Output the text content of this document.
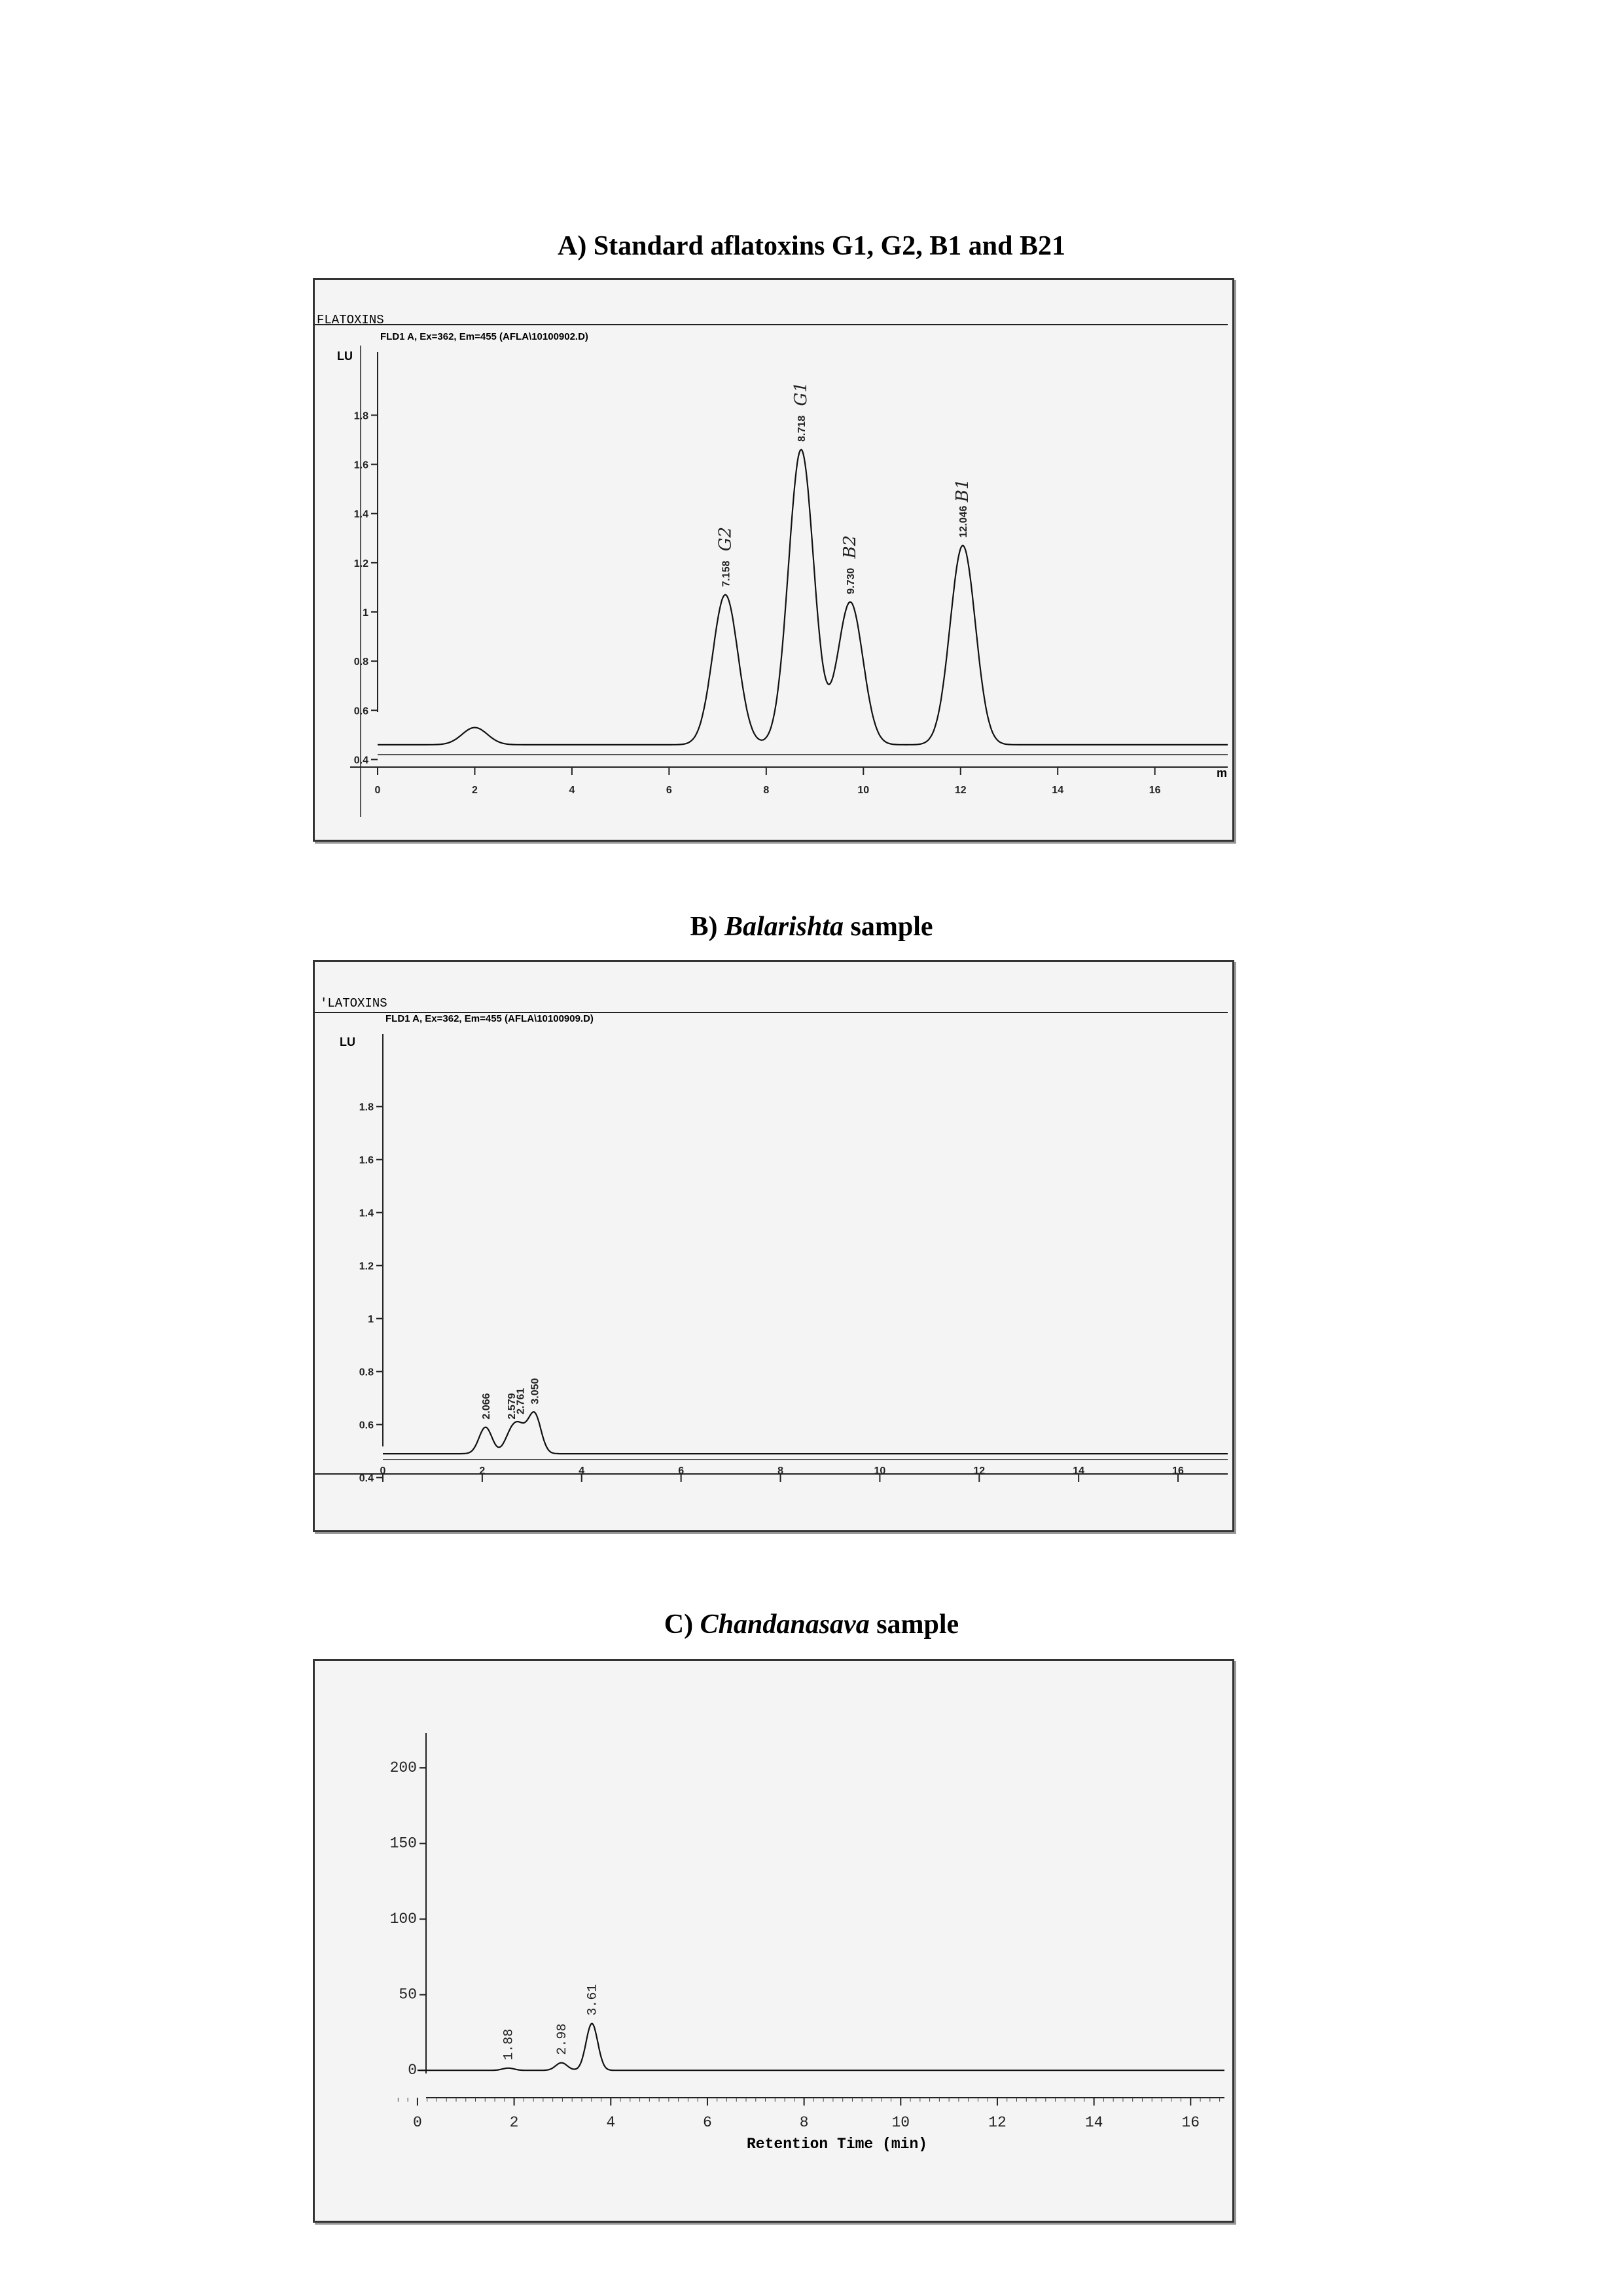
A) Standard aflatoxins G1, G2, B1 and B21
FLATOXINS
FLD1 A, Ex=362, Em=455 (AFLA\10100902.D)
LU
m
0.4
0.6
0.8
1
1.2
1.4
1.6
1.8
0	2	4	6	8	10	12	14	16
7.158
G2
8.718
G1
9.730
B2
12.046
B1
B) Balarishta sample
'LATOXINS
FLD1 A, Ex=362, Em=455 (AFLA\10100909.D)
LU
0.4
0.6
0.8
1
1.2
1.4
1.6
1.8
0	2	4	6	8	10	12	14	16
2.066 2.579
2.761 3.050
C) Chandanasava sample
Retention Time (min)
0
50
100
150
200
0	2	4	6	8	10	12	14	16
1.88	2.98
3.61
